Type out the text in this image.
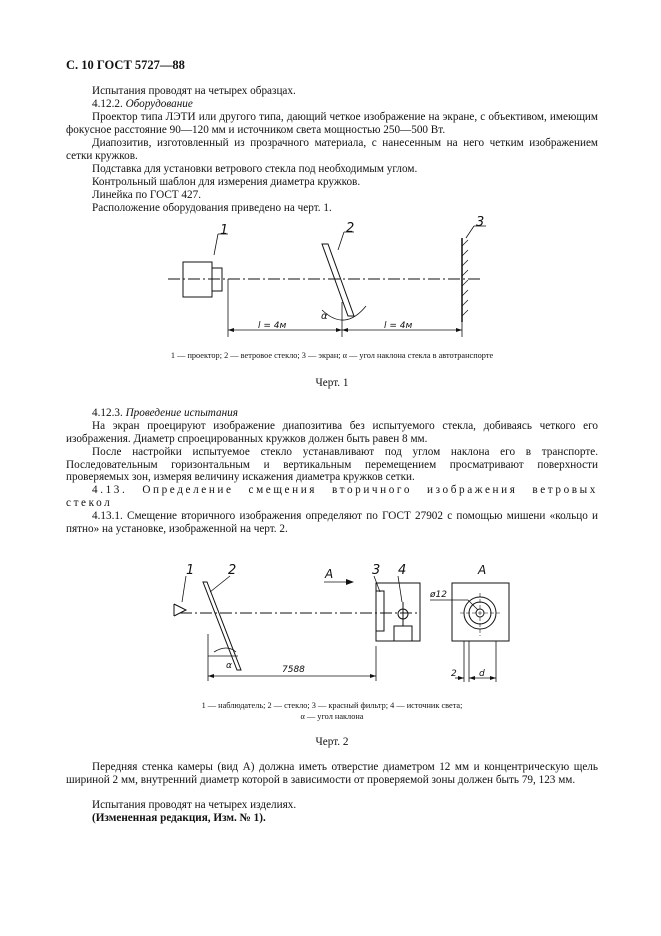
С. 10 ГОСТ 5727—88

Испытания проводят на четырех образцах.

4.12.2. Оборудование

Проектор типа ЛЭТИ или другого типа, дающий четкое изображение на экране, с объективом, имеющим фокусное расстояние 90—120 мм и источником света мощностью 250—500 Вт.

Диапозитив, изготовленный из прозрачного материала, с нанесенным на него четким изображением сетки кружков.

Подставка для установки ветрового стекла под необходимым углом.

Контрольный шаблон для измерения диаметра кружков.

Линейка по ГОСТ 427.

Расположение оборудования приведено на черт. 1.

1	2	3
l = 4м	l = 4м
α
1 — проектор; 2 — ветровое стекло; 3 — экран; α — угол наклона стекла в автотранспорте
Черт. 1

4.12.3. Проведение испытания

На экран проецируют изображение диапозитива без испытуемого стекла, добиваясь четкого его изображения. Диаметр спроецированных кружков должен быть равен 8 мм.

После настройки испытуемое стекло устанавливают под углом наклона его в транспорте. Последовательным горизонтальным и вертикальным перемещением просматривают поверхности проверяемых зон, измеряя величину искажения диаметра кружков сетки.

4.13. Определение смещения вторичного изображения ветровых стекол

4.13.1. Смещение вторичного изображения определяют по ГОСТ 27902 с помощью мишени «кольцо и пятно» на установке, изображенной на черт. 2.

1	2	3 4
А	А
α	7588
ø12
2 d
1 — наблюдатель; 2 — стекло; 3 — красный фильтр; 4 — источник света;
α — угол наклона
Черт. 2

Передняя стенка камеры (вид А) должна иметь отверстие диаметром 12 мм и концентрическую щель шириной 2 мм, внутренний диаметр которой в зависимости от проверяемой зоны должен быть 79, 123 мм.

Испытания проводят на четырех изделиях.

(Измененная редакция, Изм. № 1).
